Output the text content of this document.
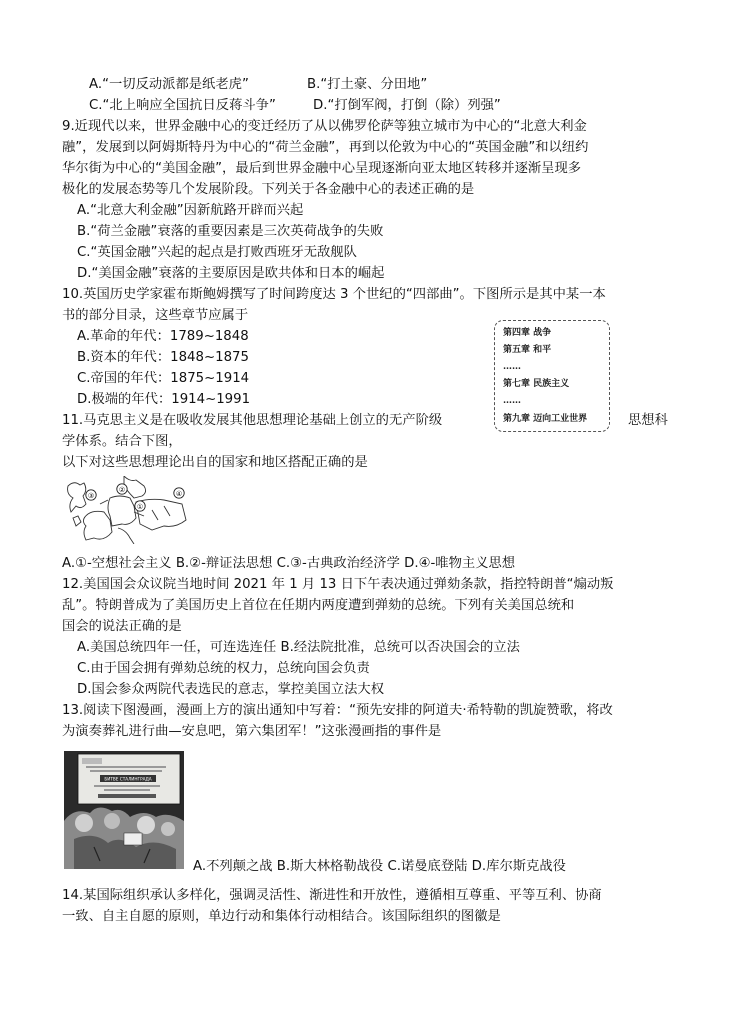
A.“一切反动派都是纸老虎”	B.“打土豪、分田地”
C.“北上响应全国抗日反蒋斗争”	D.“打倒军阀，打倒（除）列强”
9.近现代以来，世界金融中心的变迁经历了从以佛罗伦萨等独立城市为中心的“北意大利金
融”，发展到以阿姆斯特丹为中心的“荷兰金融”，再到以伦敦为中心的“英国金融”和以纽约
华尔街为中心的“美国金融”，最后到世界金融中心呈现逐渐向亚太地区转移并逐渐呈现多
极化的发展态势等几个发展阶段。下列关于各金融中心的表述正确的是
A.“北意大利金融”因新航路开辟而兴起
B.“荷兰金融”衰落的重要因素是三次英荷战争的失败
C.“英国金融”兴起的起点是打败西班牙无敌舰队
D.“美国金融”衰落的主要原因是欧共体和日本的崛起
10.英国历史学家霍布斯鲍姆撰写了时间跨度达 3 个世纪的“四部曲”。下图所示是其中某一本
书的部分目录，这些章节应属于
A.革命的年代：1789~1848
B.资本的年代：1848~1875
C.帝国的年代：1875~1914
D.极端的年代：1914~1991
第四章 战争
第五章 和平
……
第七章 民族主义
……
第九章 迈向工业世界
11.马克思主义是在吸收发展其他思想理论基础上创立的无产阶级	思想科
学体系。结合下图，
以下对这些思想理论出自的国家和地区搭配正确的是
③
②
①
④
A.①-空想社会主义 B.②-辩证法思想 C.③-古典政治经济学 D.④-唯物主义思想
12.美国国会众议院当地时间 2021 年 1 月 13 日下午表决通过弹劾条款，指控特朗普“煽动叛
乱”。特朗普成为了美国历史上首位在任期内两度遭到弹劾的总统。下列有关美国总统和
国会的说法正确的是
A.美国总统四年一任，可连选连任 B.经法院批准，总统可以否决国会的立法
C.由于国会拥有弹劾总统的权力，总统向国会负责
D.国会参众两院代表选民的意志，掌控美国立法大权
13.阅读下图漫画，漫画上方的演出通知中写着：“预先安排的阿道夫·希特勒的凯旋赞歌，将改
为演奏葬礼进行曲—安息吧，第六集团军！”这张漫画指的事件是
БИТВЕ СТАЛИНГРАДА
A.不列颠之战 B.斯大林格勒战役 C.诺曼底登陆 D.库尔斯克战役
14.某国际组织承认多样化，强调灵活性、渐进性和开放性，遵循相互尊重、平等互利、协商
一致、自主自愿的原则，单边行动和集体行动相结合。该国际组织的图徽是
